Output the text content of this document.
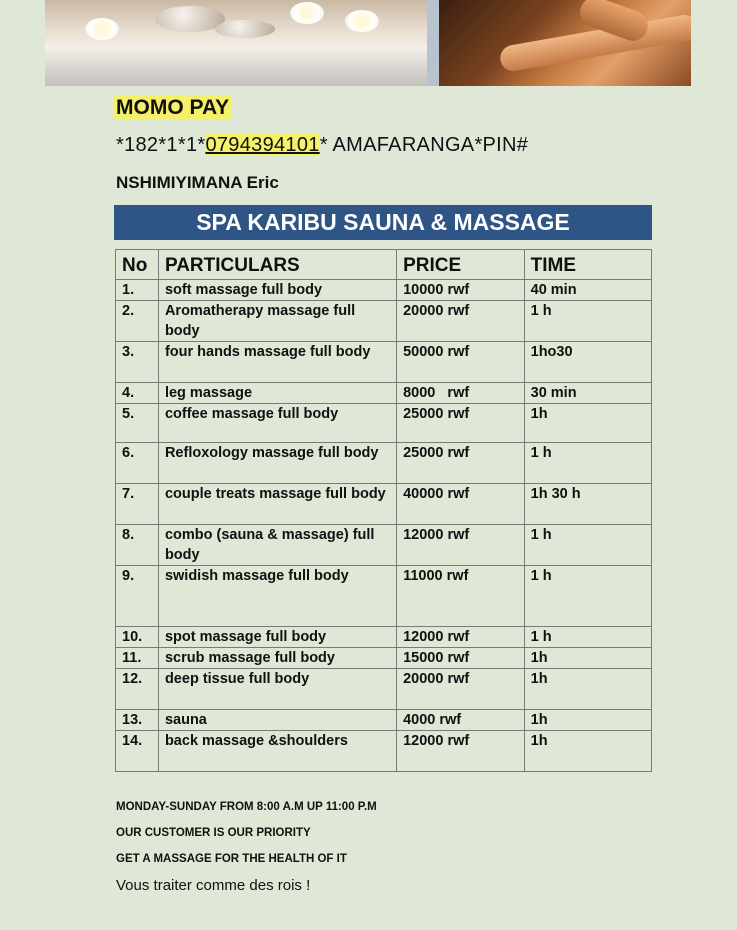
MOMO PAY
*182*1*1*0794394101* AMAFARANGA*PIN#
NSHIMIYIMANA Eric
SPA KARIBU SAUNA & MASSAGE
No	PARTICULARS	PRICE	TIME
1.	soft massage full body	10000 rwf	40 min
2.	Aromatherapy massage full body	20000 rwf	1 h
3.	four hands massage full body	50000 rwf	1ho30
4.	leg massage	8000   rwf	30 min
5.	coffee massage full body	25000 rwf	1h
6.	Refloxology massage full body	25000 rwf	1 h
7.	couple treats massage full body	40000 rwf	1h 30 h
8.	combo (sauna & massage) full body	12000 rwf	1 h
9.	swidish massage full body	11000 rwf	1 h
10.	spot massage full body	12000 rwf	1 h
11.	scrub massage full body	15000 rwf	1h
12.	deep tissue full body	20000 rwf	1h
13.	sauna	4000 rwf	1h
14.	back massage &shoulders	12000 rwf	1h
MONDAY-SUNDAY FROM 8:00 A.M UP 11:00 P.M
OUR CUSTOMER IS OUR PRIORITY
GET A MASSAGE FOR THE HEALTH OF IT
Vous traiter comme des rois !
